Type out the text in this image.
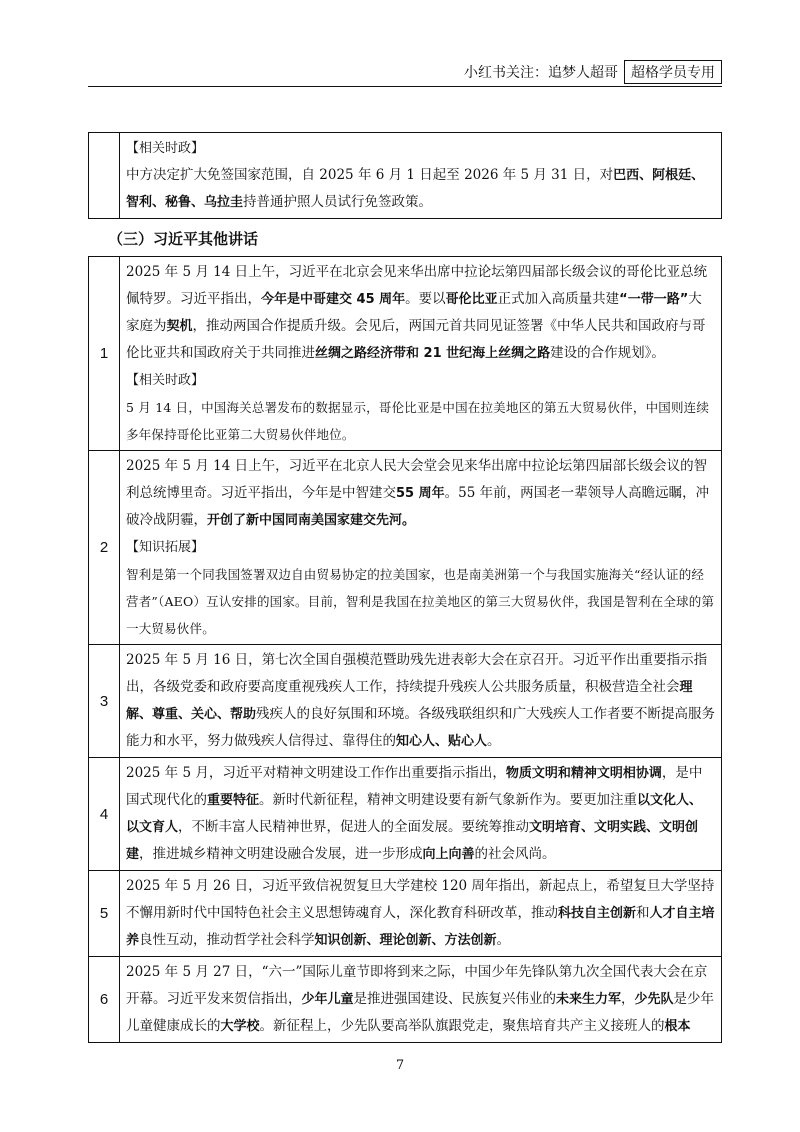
小红书关注：追梦人超哥 超格学员专用

【相关时政】
中方决定扩大免签国家范围，自 2025 年 6 月 1 日起至 2026 年 5 月 31 日，对巴西、阿根廷、智利、秘鲁、乌拉圭持普通护照人员试行免签政策。
（三）习近平其他讲话
1	2025 年 5 月 14 日上午，习近平在北京会见来华出席中拉论坛第四届部长级会议的哥伦比亚总统佩特罗。习近平指出，今年是中哥建交 45 周年。要以哥伦比亚正式加入高质量共建“一带一路”大家庭为契机，推动两国合作提质升级。会见后，两国元首共同见证签署《中华人民共和国政府与哥伦比亚共和国政府关于共同推进丝绸之路经济带和 21 世纪海上丝绸之路建设的合作规划》。
【相关时政】
5 月 14 日，中国海关总署发布的数据显示，哥伦比亚是中国在拉美地区的第五大贸易伙伴，中国则连续多年保持哥伦比亚第二大贸易伙伴地位。

2	2025 年 5 月 14 日上午，习近平在北京人民大会堂会见来华出席中拉论坛第四届部长级会议的智利总统博里奇。习近平指出，今年是中智建交55 周年。55 年前，两国老一辈领导人高瞻远瞩，冲破冷战阴霾，开创了新中国同南美国家建交先河。
【知识拓展】
智利是第一个同我国签署双边自由贸易协定的拉美国家，也是南美洲第一个与我国实施海关“经认证的经营者”（AEO）互认安排的国家。目前，智利是我国在拉美地区的第三大贸易伙伴，我国是智利在全球的第一大贸易伙伴。

3	2025 年 5 月 16 日，第七次全国自强模范暨助残先进表彰大会在京召开。习近平作出重要指示指出，各级党委和政府要高度重视残疾人工作，持续提升残疾人公共服务质量，积极营造全社会理解、尊重、关心、帮助残疾人的良好氛围和环境。各级残联组织和广大残疾人工作者要不断提高服务能力和水平，努力做残疾人信得过、靠得住的知心人、贴心人。

4	2025 年 5 月，习近平对精神文明建设工作作出重要指示指出，物质文明和精神文明相协调，是中国式现代化的重要特征。新时代新征程，精神文明建设要有新气象新作为。要更加注重以文化人、以文育人，不断丰富人民精神世界，促进人的全面发展。要统筹推动文明培育、文明实践、文明创建，推进城乡精神文明建设融合发展，进一步形成向上向善的社会风尚。

5	2025 年 5 月 26 日，习近平致信祝贺复旦大学建校 120 周年指出，新起点上，希望复旦大学坚持不懈用新时代中国特色社会主义思想铸魂育人，深化教育科研改革，推动科技自主创新和人才自主培养良性互动，推动哲学社会科学知识创新、理论创新、方法创新。

6	2025 年 5 月 27 日，“六一”国际儿童节即将到来之际，中国少年先锋队第九次全国代表大会在京开幕。习近平发来贺信指出，少年儿童是推进强国建设、民族复兴伟业的未来生力军，少先队是少年儿童健康成长的大学校。新征程上，少先队要高举队旗跟党走，聚焦培育共产主义接班人的根本
7
